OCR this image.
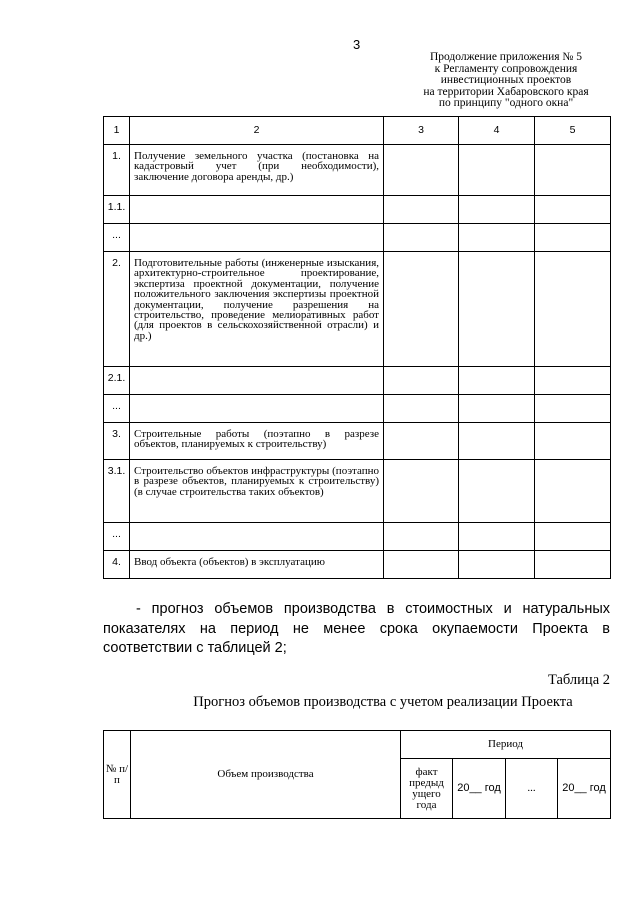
3
Продолжение приложения № 5
к Регламенту сопровождения
инвестиционных проектов
на территории Хабаровского края
по принципу "одного окна"
1	2	3	4	5
1.	Получение земельного участка (постановка на кадастровый учет (при необходимости), заключение договора аренды, др.)			
1.1.				
...				
2.	Подготовительные работы (инженерные изыскания, архитектурно-строительное проектирование, экспертиза проектной документации, получение положительного заключения экспертизы проектной документации, получение разрешения на строительство, проведение мелиоративных работ (для проектов в сельскохозяйственной отрасли) и др.)			
2.1.				
...				
3.	Строительные работы (поэтапно в разрезе объектов, планируемых к строительству)			
3.1.	Строительство объектов инфраструктуры (поэтапно в разрезе объектов, планируемых к строительству) (в случае строительства таких объектов)			
...				
4.	Ввод объекта (объектов) в эксплуатацию			
- прогноз объемов производства в стоимостных и натуральных показателях на период не менее срока окупаемости Проекта в соответствии с таблицей 2;
Таблица 2
Прогноз объемов производства с учетом реализации Проекта
№ п/п	Объем производства	Период			
		факт предыд ущего года	20__ год	...	20__ год
